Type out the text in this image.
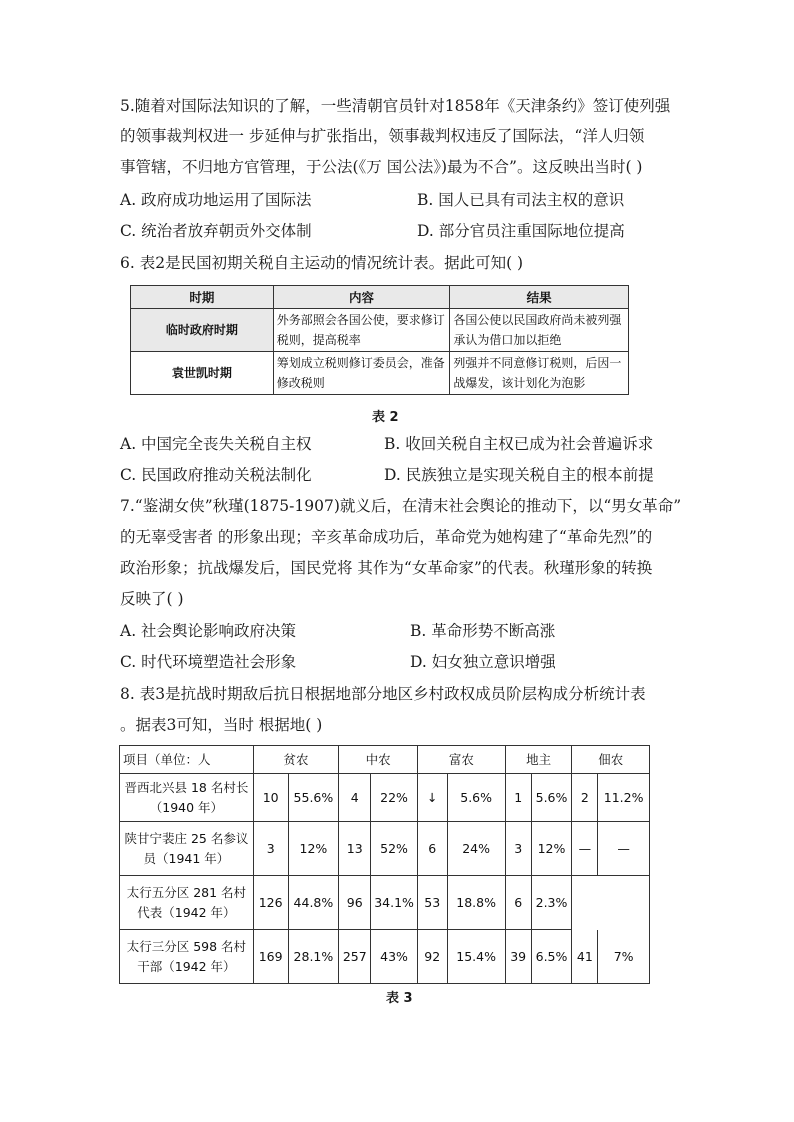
5.随着对国际法知识的了解，一些清朝官员针对1858年《天津条约》签订使列强
的领事裁判权进一 步延伸与扩张指出，领事裁判权违反了国际法，“洋人归领
事管辖，不归地方官管理，于公法(《万 国公法》)最为不合”。这反映出当时( )
A. 政府成功地运用了国际法	B. 国人已具有司法主权的意识
C. 统治者放弃朝贡外交体制	D. 部分官员注重国际地位提高
6. 表2是民国初期关税自主运动的情况统计表。据此可知( )
时期	内容	结果
临时政府时期	外务部照会各国公使，要求修订税则，提高税率	各国公使以民国政府尚未被列强承认为借口加以拒绝
袁世凯时期	筹划成立税则修订委员会，准备修改税则	列强并不同意修订税则，后因一战爆发，该计划化为泡影
表 2
A. 中国完全丧失关税自主权	B. 收回关税自主权已成为社会普遍诉求
C. 民国政府推动关税法制化	D. 民族独立是实现关税自主的根本前提
7.“鉴湖女侠”秋瑾(1875-1907)就义后，在清末社会舆论的推动下，以“男女革命”
的无辜受害者 的形象出现；辛亥革命成功后，革命党为她构建了“革命先烈”的
政治形象；抗战爆发后，国民党将 其作为“女革命家”的代表。秋瑾形象的转换
反映了( )
A. 社会舆论影响政府决策	B. 革命形势不断高涨
C. 时代环境塑造社会形象	D. 妇女独立意识增强
8. 表3是抗战时期敌后抗日根据地部分地区乡村政权成员阶层构成分析统计表
。据表3可知，当时 根据地( )
项目（单位：人	贫农		中农		富农		地主		佃农	
晋西北兴县 18 名村长（1940 年）	10	55.6%	4	22%	↓	5.6%	1	5.6%	2	11.2%
陕甘宁裴庄 25 名参议员（1941 年）	3	12%	13	52%	6	24%	3	12%	—	—
太行五分区 281 名村代表（1942 年）	126	44.8%	96	34.1%	53	18.8%	6	2.3%		
太行三分区 598 名村干部（1942 年）	169	28.1%	257	43%	92	15.4%	39	6.5%	41	7%
表 3
